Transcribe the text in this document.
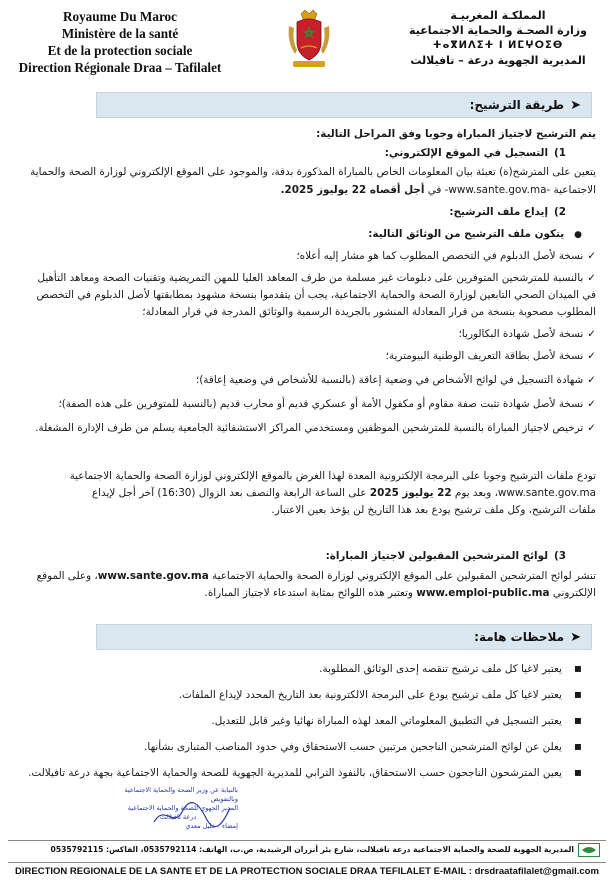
Royaume Du Maroc
Ministère de la santé
Et de la protection sociale
Direction Régionale Draa – Tafilalet
المملكـة المغربيـة
وزارة الصحـة والحماية الاجتماعية
ⵜⴰⴳⵍⴷⵉⵜ ⵏ ⵍⵎⵖⵔⵉⴱ
المديرية الجهوية درعة – تافيلالت
➤طريقة الترشيح:
يتم الترشيح لاجتياز المباراة وجوبا وفق المراحل التالية:
1)التسجيل في الموقع الإلكتروني:
يتعين على المترشح(ة) تعبئة بيان المعلومات الخاص بالمباراة المذكورة بدقة، والموجود على الموقع الإلكتروني لوزارة الصحة والحماية
الاجتماعية -www.sante.gov.ma- في أجل أقصاه 22 يوليوز 2025.
2)إيداع ملف الترشيح:
● يتكون ملف الترشيح من الوثائق التالية:
✓ نسخة لأصل الدبلوم في التخصص المطلوب كما هو مشار إليه أعلاه؛
✓ بالنسبة للمترشحين المتوفرين على دبلومات غير مسلمة من طرف المعاهد العليا للمهن التمريضية وتقنيات الصحة ومعاهد التأهيل
في الميدان الصحي التابعين لوزارة الصحة والحماية الاجتماعية، يجب أن يتقدموا بنسخة مشهود بمطابقتها لأصل الدبلوم في التخصص
المطلوب مصحوبة بنسخة من قرار المعادلة المنشور بالجريدة الرسمية والوثائق المدرجة في قرار المعادلة؛
✓ نسخة لأصل شهادة البكالوريا؛
✓ نسخة لأصل بطاقة التعريف الوطنية البيومترية؛
✓ شهادة التسجيل في لوائح الأشخاص في وضعية إعاقة (بالنسبة للأشخاص في وضعية إعاقة)؛
✓ نسخة لأصل شهادة تثبت صفة مقاوم أو مكفول الأمة أو عسكري قديم أو محارب قديم (بالنسبة للمتوفرين على هذه الصفة)؛
✓ ترخيص لاجتياز المباراة بالنسبة للمترشحين الموظفين ومستخدمي المراكز الاستشفائية الجامعية يسلم من طرف الإدارة المشغلة.
تودع ملفات الترشيح وجوبا على البرمجة الإلكترونية المعدة لهذا الغرض بالموقع الإلكتروني لوزارة الصحة والحماية الاجتماعية
www.sante.gov.ma، وبعد يوم 22 يوليوز 2025 على الساعة الرابعة والنصف بعد الزوال (16:30) آخر أجل لإيداع
ملفات الترشيح، وكل ملف ترشيح يودع بعد هذا التاريخ لن يؤخذ بعين الاعتبار.
3)لوائح المترشحين المقبولين لاجتياز المباراة:
تنشر لوائح المترشحين المقبولين على الموقع الإلكتروني لوزارة الصحة والحماية الاجتماعية www.sante.gov.ma، وعلى الموقع
الإلكتروني www.emploi-public.ma وتعتبر هذه اللوائح بمثابة استدعاء لاجتياز المباراة.
➤ملاحظات هامة:
▪ يعتبر لاغيا كل ملف ترشيح تنقصه إحدى الوثائق المطلوبة.
▪ يعتبر لاغيا كل ملف ترشيح يودع على البرمجة الالكترونية بعد التاريخ المحدد لإيداع الملفات.
▪ يعتبر التسجيل في التطبيق المعلوماتي المعد لهذه المباراة نهائيا وغير قابل للتعديل.
▪ يعلن عن لوائح المترشحين الناجحين مرتبين حسب الاستحقاق وفي حدود المناصب المتبارى بشأنها.
▪ يعين المترشحون الناجحون حسب الاستحقاق، بالنفوذ الترابي للمديرية الجهوية للصحة والحماية الاجتماعية بجهة درعة تافيلالت.
بالنيابة عن وزير الصحة والحماية الاجتماعية وبالتفويض
المدير الجهوي للصحة والحماية الاجتماعية
درعة تافيلالت
إمضاء : خليل معدي
المديرية الجهوية للصحة والحماية الاجتماعية درعة تافيلالت، شارع بئر أنزران الرشيدية، ص.ب، الهاتف: 0535792114، الفاكس: 0535792115
DIRECTION REGIONALE DE LA SANTE ET DE LA PROTECTION SOCIALE DRAA TEFILALET E-MAIL : drsdraatafilalet@gmail.com
